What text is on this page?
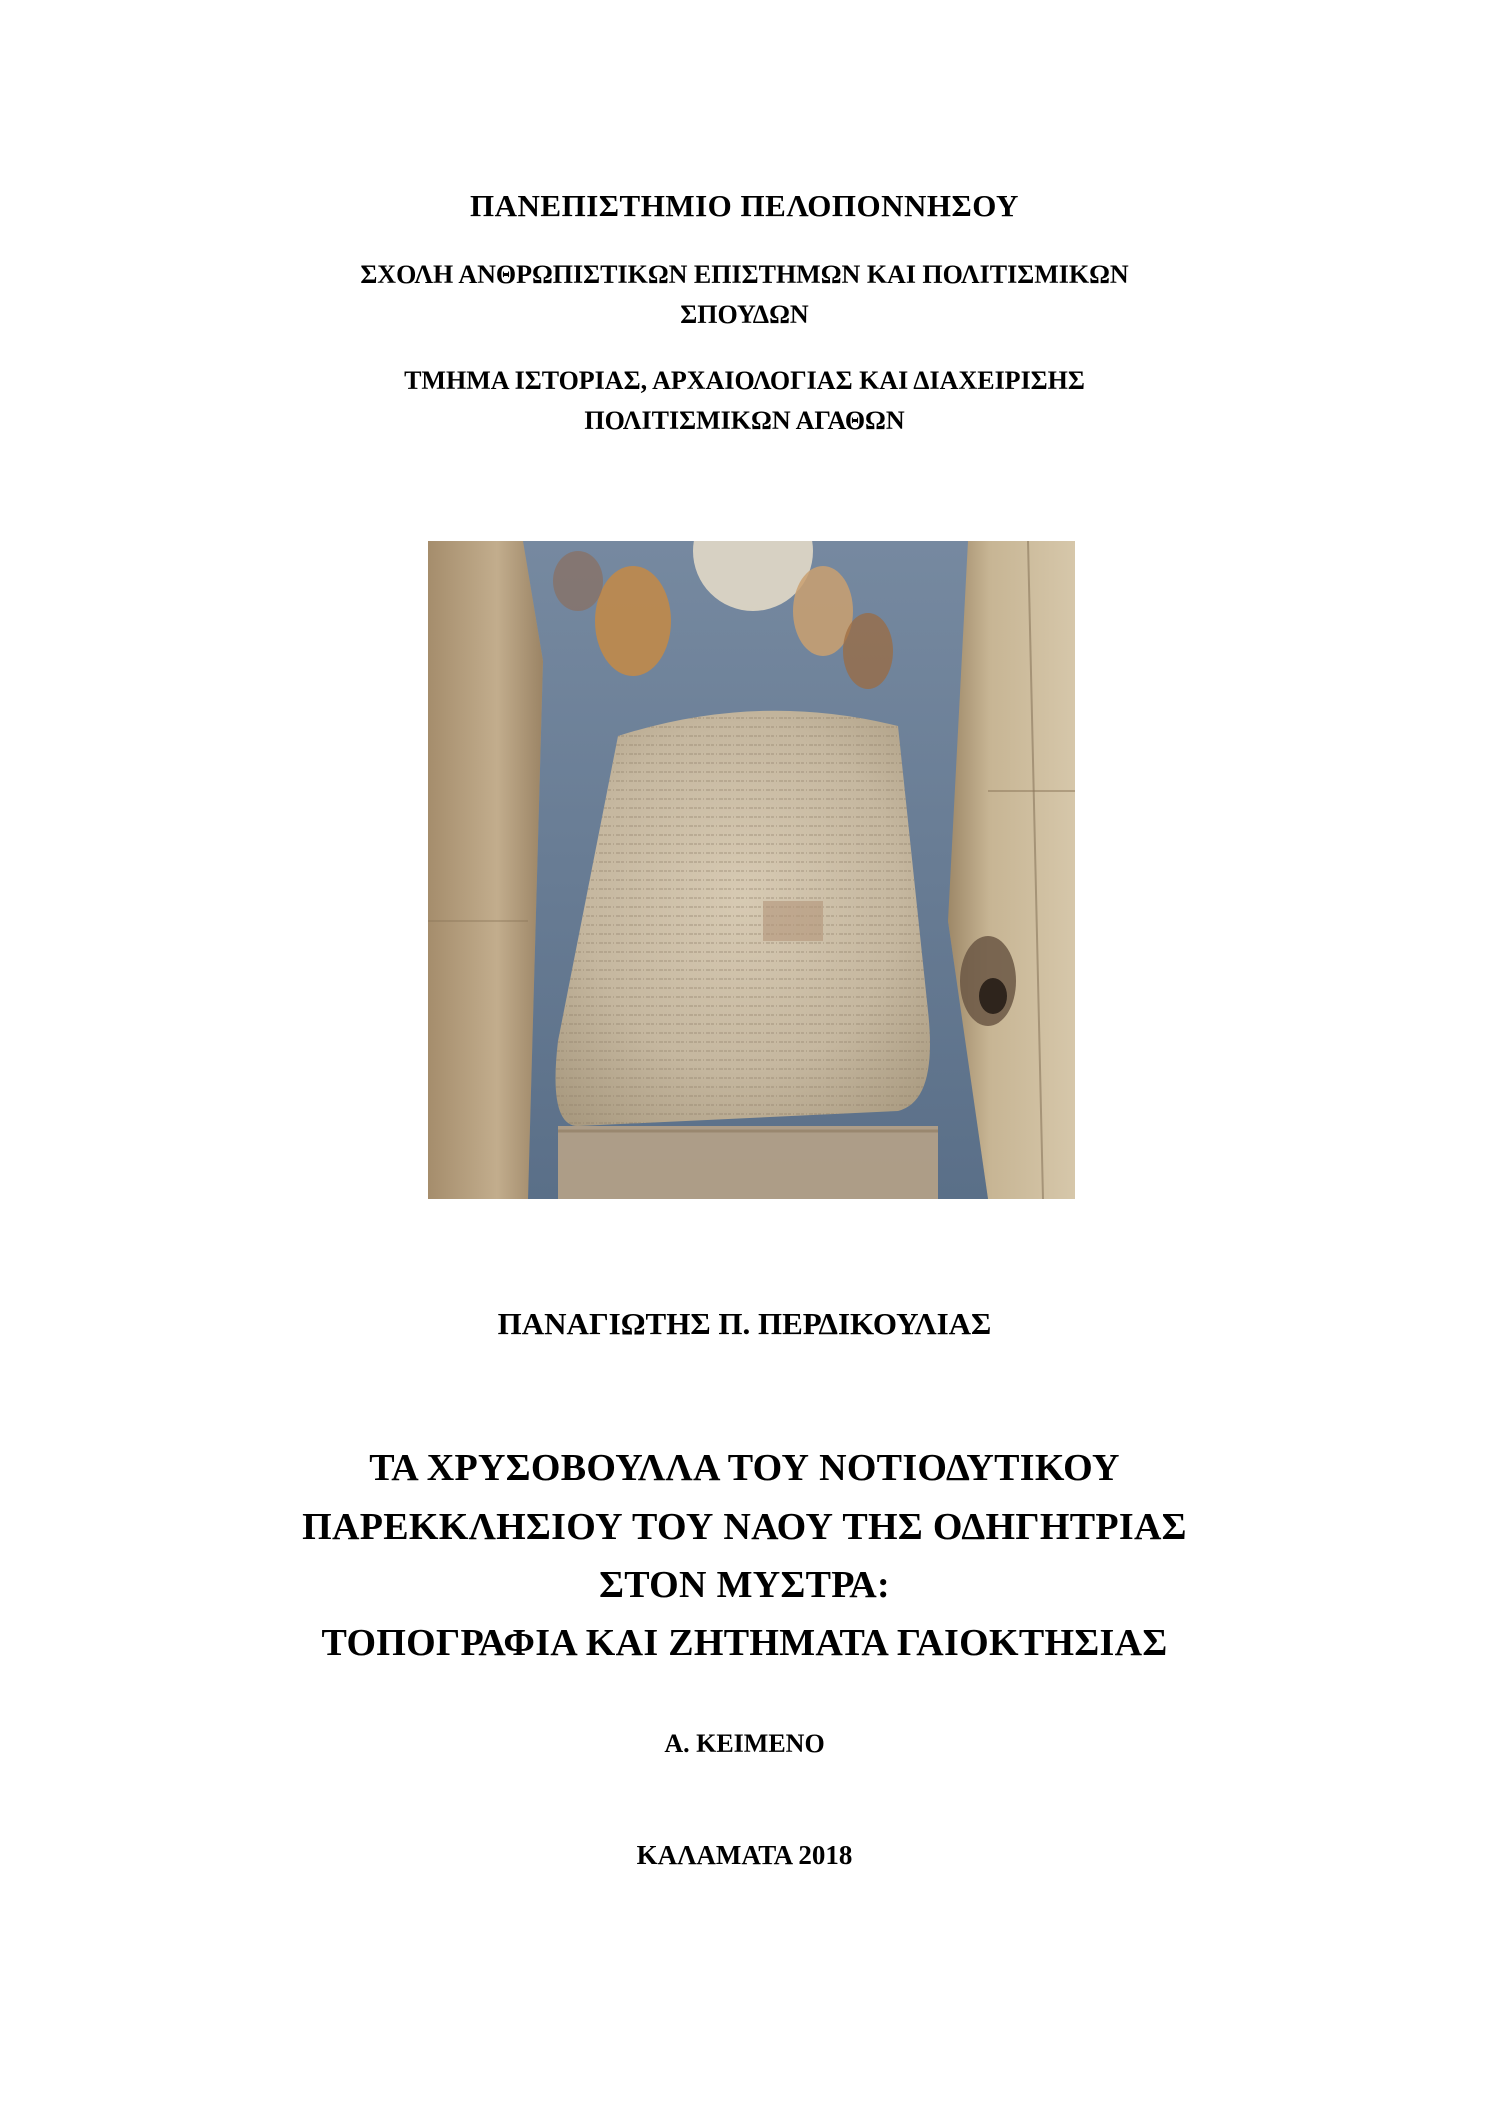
ΠΑΝΕΠΙΣΤΗΜΙΟ ΠΕΛΟΠΟΝΝΗΣΟΥ
ΣΧΟΛΗ ΑΝΘΡΩΠΙΣΤΙΚΩΝ ΕΠΙΣΤΗΜΩΝ ΚΑΙ ΠΟΛΙΤΙΣΜΙΚΩΝ
ΣΠΟΥΔΩΝ
ΤΜΗΜΑ ΙΣΤΟΡΙΑΣ, ΑΡΧΑΙΟΛΟΓΙΑΣ ΚΑΙ ΔΙΑΧΕΙΡΙΣΗΣ
ΠΟΛΙΤΙΣΜΙΚΩΝ ΑΓΑΘΩΝ
ΠΑΝΑΓΙΩΤΗΣ Π. ΠΕΡΔΙΚΟΥΛΙΑΣ
ΤΑ ΧΡΥΣΟΒΟΥΛΛΑ ΤΟΥ ΝΟΤΙΟΔΥΤΙΚΟΥ
ΠΑΡΕΚΚΛΗΣΙΟΥ ΤΟΥ ΝΑΟΥ ΤΗΣ ΟΔΗΓΗΤΡΙΑΣ
ΣΤΟΝ ΜΥΣΤΡΑ:
ΤΟΠΟΓΡΑΦΙΑ ΚΑΙ ΖΗΤΗΜΑΤΑ ΓΑΙΟΚΤΗΣΙΑΣ
Α. ΚΕΙΜΕΝΟ
ΚΑΛΑΜΑΤΑ 2018
